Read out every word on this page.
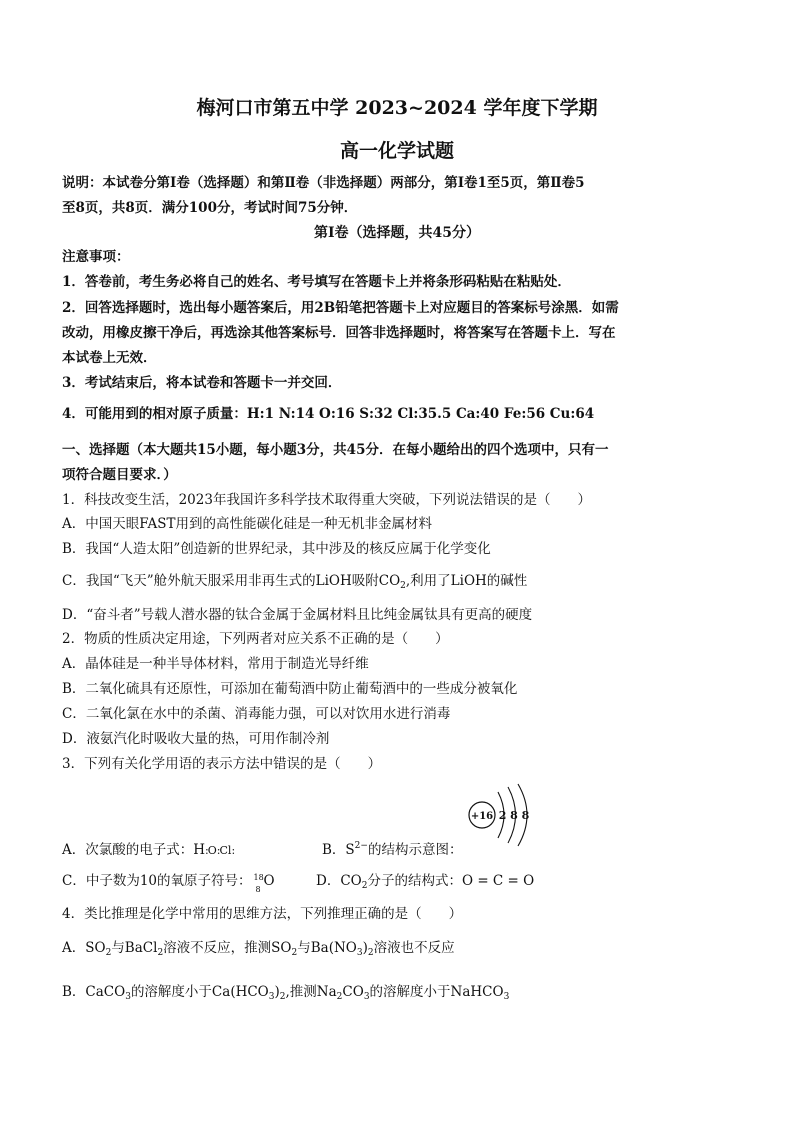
梅河口市第五中学 2023~2024 学年度下学期
高一化学试题
说明：本试卷分第Ⅰ卷（选择题）和第Ⅱ卷（非选择题）两部分，第Ⅰ卷1至5页，第Ⅱ卷5
至8页，共8页．满分100分，考试时间75分钟．
第Ⅰ卷（选择题，共45分）
注意事项：
1．答卷前，考生务必将自己的姓名、考号填写在答题卡上并将条形码粘贴在粘贴处．
2．回答选择题时，选出每小题答案后，用2B铅笔把答题卡上对应题目的答案标号涂黑．如需
改动，用橡皮擦干净后，再选涂其他答案标号．回答非选择题时，将答案写在答题卡上．写在
本试卷上无效．
3．考试结束后，将本试卷和答题卡一并交回．
4．可能用到的相对原子质量：H:1 N:14 O:16 S:32 Cl:35.5 Ca:40 Fe:56 Cu:64
一、选择题（本大题共15小题，每小题3分，共45分．在每小题给出的四个选项中，只有一
项符合题目要求．）
1．科技改变生活，2023年我国许多科学技术取得重大突破，下列说法错误的是（　　）
A．中国天眼FAST用到的高性能碳化硅是一种无机非金属材料
B．我国“人造太阳”创造新的世界纪录，其中涉及的核反应属于化学变化
C．我国“飞天”舱外航天服采用非再生式的LiOH吸附$CO_2$,利用了LiOH的碱性
D．“奋斗者”号载人潜水器的钛合金属于金属材料且比纯金属钛具有更高的硬度
2．物质的性质决定用途，下列两者对应关系不正确的是（　　）
A．晶体硅是一种半导体材料，常用于制造光导纤维
B．二氧化硫具有还原性，可添加在葡萄酒中防止葡萄酒中的一些成分被氧化
C．二氧化氯在水中的杀菌、消毒能力强，可以对饮用水进行消毒
D．液氨汽化时吸收大量的热，可用作制冷剂
3．下列有关化学用语的表示方法中错误的是（　　）
+16 2 8 8
A．次氯酸的电子式：H:O:Cl:	B．$S^{2-}$的结构示意图：
C．中子数为10的氧原子符号： 18
8
O	D．$CO_2$分子的结构式：O = C = O
4．类比推理是化学中常用的思维方法，下列推理正确的是（　　）
A．$SO_2$与BaCl$_2$溶液不反应，推测$SO_2$与$Ba(NO_3)_2$溶液也不反应
B．CaCO$_3$的溶解度小于$Ca(HCO_3)_2$,推测$Na_2CO_3$的溶解度小于NaHCO$_3$
